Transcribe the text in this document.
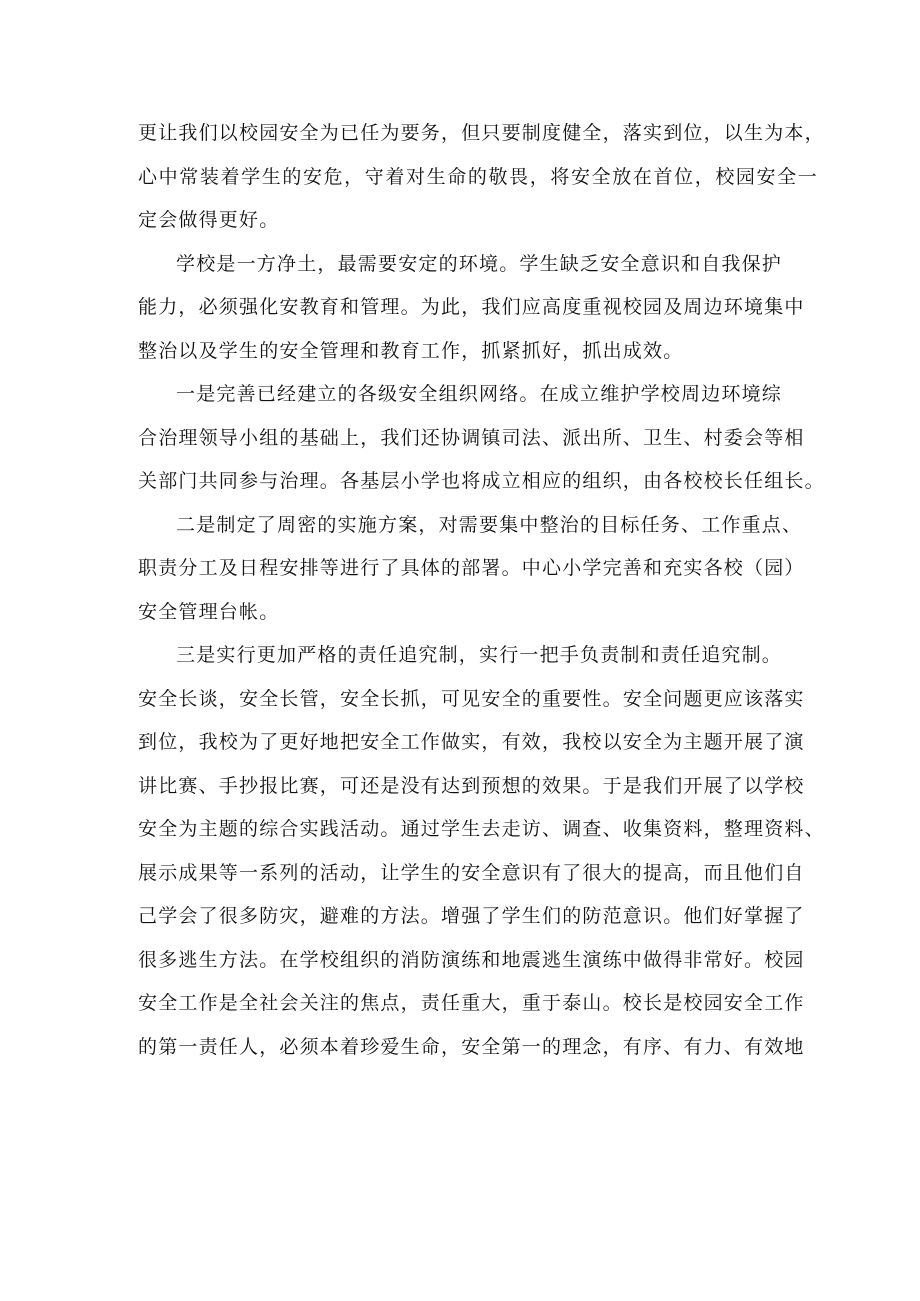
更让我们以校园安全为已任为要务，但只要制度健全，落实到位，以生为本，
心中常装着学生的安危，守着对生命的敬畏，将安全放在首位，校园安全一
定会做得更好。
学校是一方净土，最需要安定的环境。学生缺乏安全意识和自我保护
能力，必须强化安教育和管理。为此，我们应高度重视校园及周边环境集中
整治以及学生的安全管理和教育工作，抓紧抓好，抓出成效。
一是完善已经建立的各级安全组织网络。在成立维护学校周边环境综
合治理领导小组的基础上，我们还协调镇司法、派出所、卫生、村委会等相
关部门共同参与治理。各基层小学也将成立相应的组织，由各校校长任组长。
二是制定了周密的实施方案，对需要集中整治的目标任务、工作重点、
职责分工及日程安排等进行了具体的部署。中心小学完善和充实各校（园）
安全管理台帐。
三是实行更加严格的责任追究制，实行一把手负责制和责任追究制。
安全长谈，安全长管，安全长抓，可见安全的重要性。安全问题更应该落实
到位，我校为了更好地把安全工作做实，有效，我校以安全为主题开展了演
讲比赛、手抄报比赛，可还是没有达到预想的效果。于是我们开展了以学校
安全为主题的综合实践活动。通过学生去走访、调查、收集资料，整理资料、
展示成果等一系列的活动，让学生的安全意识有了很大的提高，而且他们自
己学会了很多防灾，避难的方法。增强了学生们的防范意识。他们好掌握了
很多逃生方法。在学校组织的消防演练和地震逃生演练中做得非常好。校园
安全工作是全社会关注的焦点，责任重大，重于泰山。校长是校园安全工作
的第一责任人，必须本着珍爱生命，安全第一的理念，有序、有力、有效地
